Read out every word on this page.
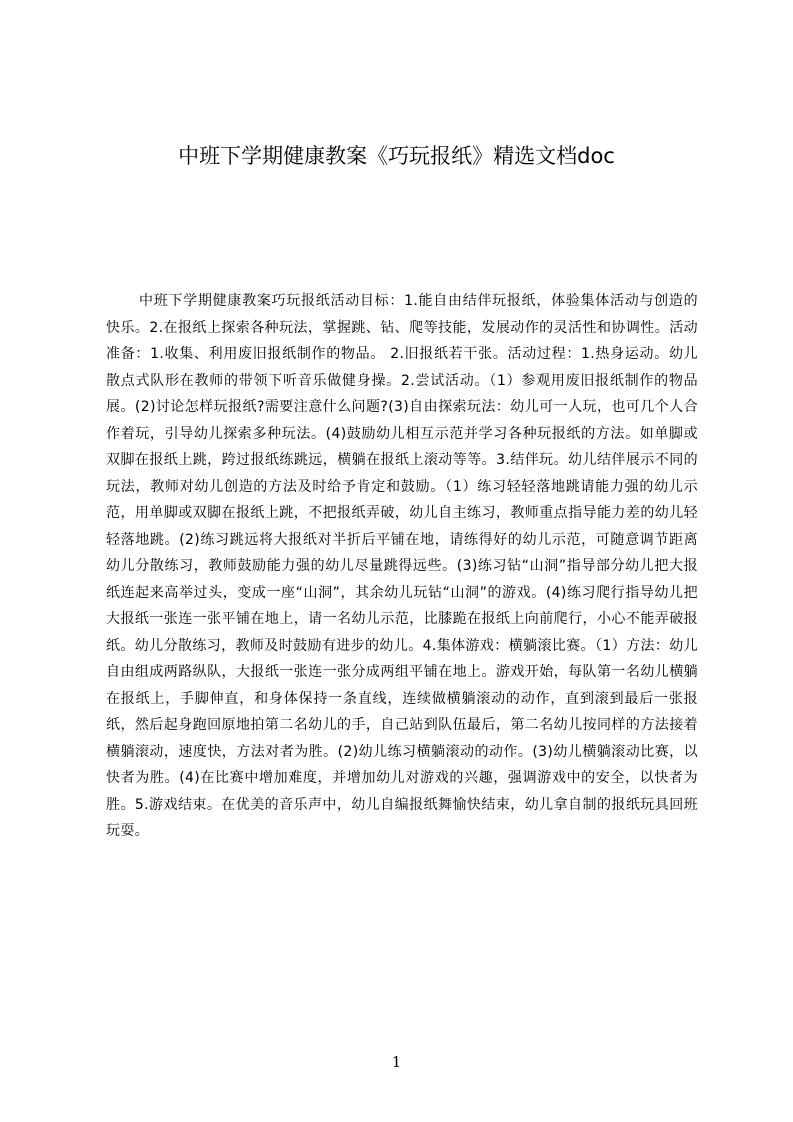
中班下学期健康教案《巧玩报纸》精选文档doc
中班下学期健康教案巧玩报纸活动目标：1.能自由结伴玩报纸，体验集体活动与创造的快乐。2.在报纸上探索各种玩法，掌握跳、钻、爬等技能，发展动作的灵活性和协调性。活动准备：1.收集、利用废旧报纸制作的物品。 2.旧报纸若干张。活动过程：1.热身运动。幼儿散点式队形在教师的带领下听音乐做健身操。2.尝试活动。（1）参观用废旧报纸制作的物品展。(2)讨论怎样玩报纸?需要注意什么问题?(3)自由探索玩法：幼儿可一人玩，也可几个人合作着玩，引导幼儿探索多种玩法。(4)鼓励幼儿相互示范并学习各种玩报纸的方法。如单脚或双脚在报纸上跳，跨过报纸练跳远，横躺在报纸上滚动等等。3.结伴玩。幼儿结伴展示不同的玩法，教师对幼儿创造的方法及时给予肯定和鼓励。（1）练习轻轻落地跳请能力强的幼儿示范，用单脚或双脚在报纸上跳，不把报纸弄破，幼儿自主练习，教师重点指导能力差的幼儿轻轻落地跳。(2)练习跳远将大报纸对半折后平铺在地，请练得好的幼儿示范，可随意调节距离幼儿分散练习，教师鼓励能力强的幼儿尽量跳得远些。(3)练习钻“山洞”指导部分幼儿把大报纸连起来高举过头，变成一座“山洞”，其余幼儿玩钻“山洞”的游戏。(4)练习爬行指导幼儿把大报纸一张连一张平铺在地上，请一名幼儿示范，比膝跪在报纸上向前爬行，小心不能弄破报纸。幼儿分散练习，教师及时鼓励有进步的幼儿。4.集体游戏：横躺滚比赛。（1）方法：幼儿自由组成两路纵队，大报纸一张连一张分成两组平铺在地上。游戏开始，每队第一名幼儿横躺在报纸上，手脚伸直，和身体保持一条直线，连续做横躺滚动的动作，直到滚到最后一张报纸，然后起身跑回原地拍第二名幼儿的手，自己站到队伍最后，第二名幼儿按同样的方法接着横躺滚动，速度快，方法对者为胜。(2)幼儿练习横躺滚动的动作。(3)幼儿横躺滚动比赛，以快者为胜。(4)在比赛中增加难度，并增加幼儿对游戏的兴趣，强调游戏中的安全，以快者为胜。5.游戏结束。在优美的音乐声中，幼儿自编报纸舞愉快结束，幼儿拿自制的报纸玩具回班玩耍。
1
